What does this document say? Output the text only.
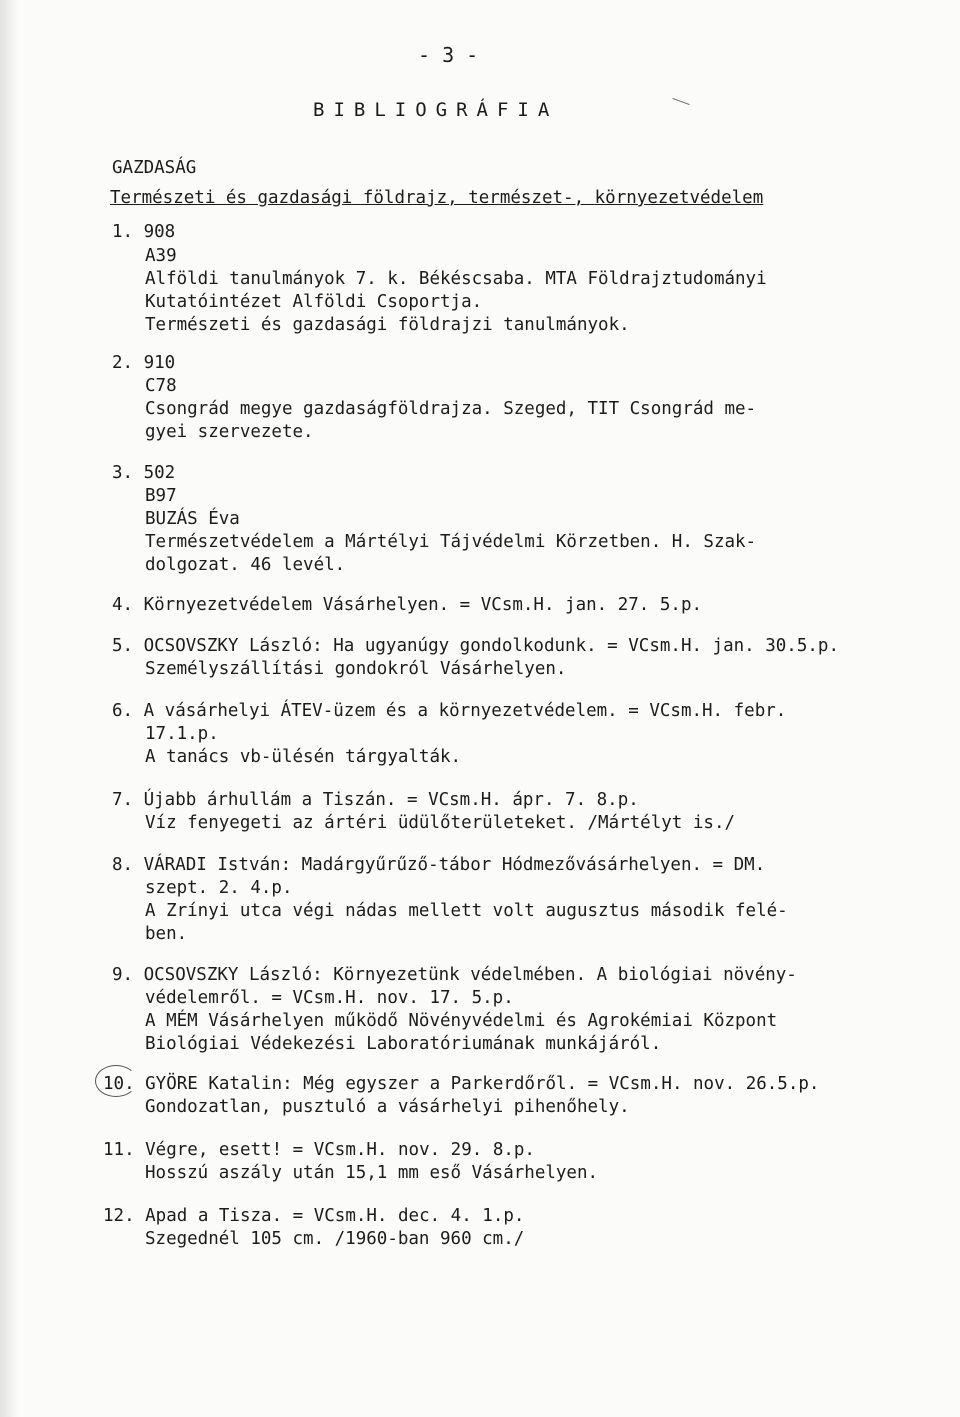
- 3 -
BIBLIOGRÁFIA
GAZDASÁG
Természeti és gazdasági földrajz, természet-, környezetvédelem
1. 908
A39
Alföldi tanulmányok 7. k. Békéscsaba. MTA Földrajztudományi
Kutatóintézet Alföldi Csoportja.
Természeti és gazdasági földrajzi tanulmányok.
2. 910
C78
Csongrád megye gazdaságföldrajza. Szeged, TIT Csongrád me-
gyei szervezete.
3. 502
B97
BUZÁS Éva
Természetvédelem a Mártélyi Tájvédelmi Körzetben. H. Szak-
dolgozat. 46 levél.
4. Környezetvédelem Vásárhelyen. = VCsm.H. jan. 27. 5.p.
5. OCSOVSZKY László: Ha ugyanúgy gondolkodunk. = VCsm.H. jan. 30.5.p.
Személyszállítási gondokról Vásárhelyen.
6. A vásárhelyi ÁTEV-üzem és a környezetvédelem. = VCsm.H. febr.
17.1.p.
A tanács vb-ülésén tárgyalták.
7. Újabb árhullám a Tiszán. = VCsm.H. ápr. 7. 8.p.
Víz fenyegeti az ártéri üdülőterületeket. /Mártélyt is./
8. VÁRADI István: Madárgyűrűző-tábor Hódmezővásárhelyen. = DM.
szept. 2. 4.p.
A Zrínyi utca végi nádas mellett volt augusztus második felé-
ben.
9. OCSOVSZKY László: Környezetünk védelmében. A biológiai növény-
védelemről. = VCsm.H. nov. 17. 5.p.
A MÉM Vásárhelyen működő Növényvédelmi és Agrokémiai Központ
Biológiai Védekezési Laboratóriumának munkájáról.
10. GYÖRE Katalin: Még egyszer a Parkerdőről. = VCsm.H. nov. 26.5.p.
Gondozatlan, pusztuló a vásárhelyi pihenőhely.
11. Végre, esett! = VCsm.H. nov. 29. 8.p.
Hosszú aszály után 15,1 mm eső Vásárhelyen.
12. Apad a Tisza. = VCsm.H. dec. 4. 1.p.
Szegednél 105 cm. /1960-ban 960 cm./
